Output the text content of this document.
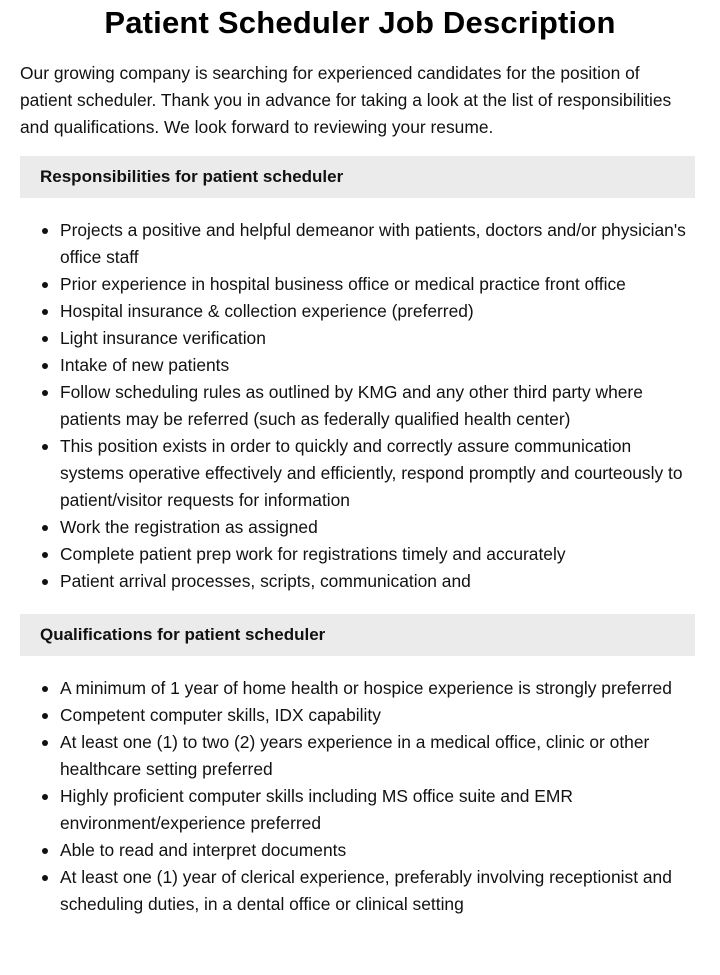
Patient Scheduler Job Description

Our growing company is searching for experienced candidates for the position of patient scheduler. Thank you in advance for taking a look at the list of responsibilities and qualifications. We look forward to reviewing your resume.

Responsibilities for patient scheduler
Projects a positive and helpful demeanor with patients, doctors and/or physician's office staff
Prior experience in hospital business office or medical practice front office
Hospital insurance & collection experience (preferred)
Light insurance verification
Intake of new patients
Follow scheduling rules as outlined by KMG and any other third party where patients may be referred (such as federally qualified health center)
This position exists in order to quickly and correctly assure communication systems operative effectively and efficiently, respond promptly and courteously to patient/visitor requests for information
Work the registration as assigned
Complete patient prep work for registrations timely and accurately
Patient arrival processes, scripts, communication and
Qualifications for patient scheduler
A minimum of 1 year of home health or hospice experience is strongly preferred
Competent computer skills, IDX capability
At least one (1) to two (2) years experience in a medical office, clinic or other healthcare setting preferred
Highly proficient computer skills including MS office suite and EMR environment/experience preferred
Able to read and interpret documents
At least one (1) year of clerical experience, preferably involving receptionist and scheduling duties, in a dental office or clinical setting
